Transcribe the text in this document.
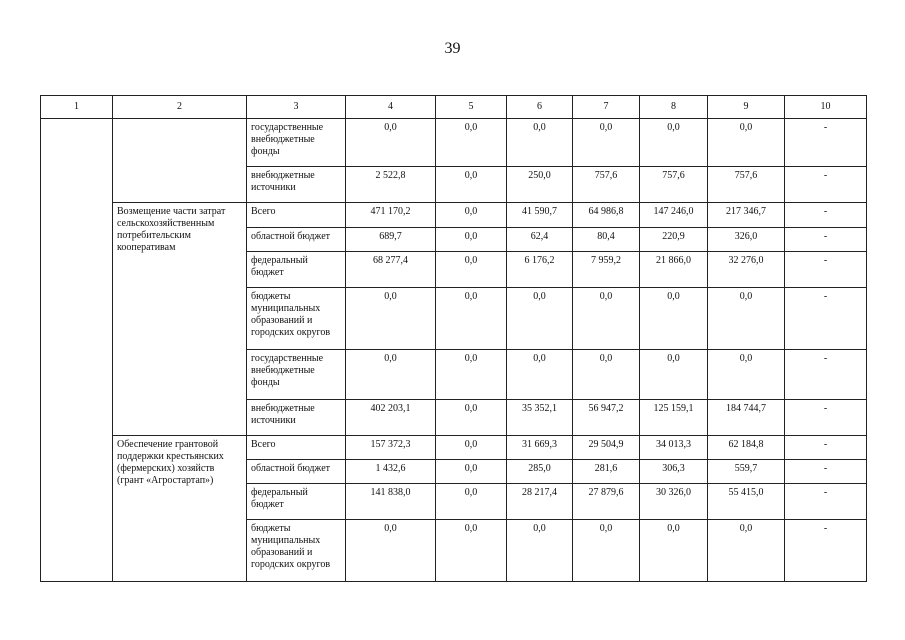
39
1	2	3	4	5	6	7	8	9	10
		государственные внебюджетные фонды	0,0	0,0	0,0	0,0	0,0	0,0	-
		внебюджетные источники	2 522,8	0,0	250,0	757,6	757,6	757,6	-
	Возмещение части затрат сельскохозяйственным потребительским кооперативам	Всего	471 170,2	0,0	41 590,7	64 986,8	147 246,0	217 346,7	-
		областной бюджет	689,7	0,0	62,4	80,4	220,9	326,0	-
		федеральный бюджет	68 277,4	0,0	6 176,2	7 959,2	21 866,0	32 276,0	-
		бюджеты муниципальных образований и городских округов	0,0	0,0	0,0	0,0	0,0	0,0	-
		государственные внебюджетные фонды	0,0	0,0	0,0	0,0	0,0	0,0	-
		внебюджетные источники	402 203,1	0,0	35 352,1	56 947,2	125 159,1	184 744,7	-
	Обеспечение грантовой поддержки крестьянских (фермерских) хозяйств (грант «Агростартап»)	Всего	157 372,3	0,0	31 669,3	29 504,9	34 013,3	62 184,8	-
		областной бюджет	1 432,6	0,0	285,0	281,6	306,3	559,7	-
		федеральный бюджет	141 838,0	0,0	28 217,4	27 879,6	30 326,0	55 415,0	-
		бюджеты муниципальных образований и городских округов	0,0	0,0	0,0	0,0	0,0	0,0	-
